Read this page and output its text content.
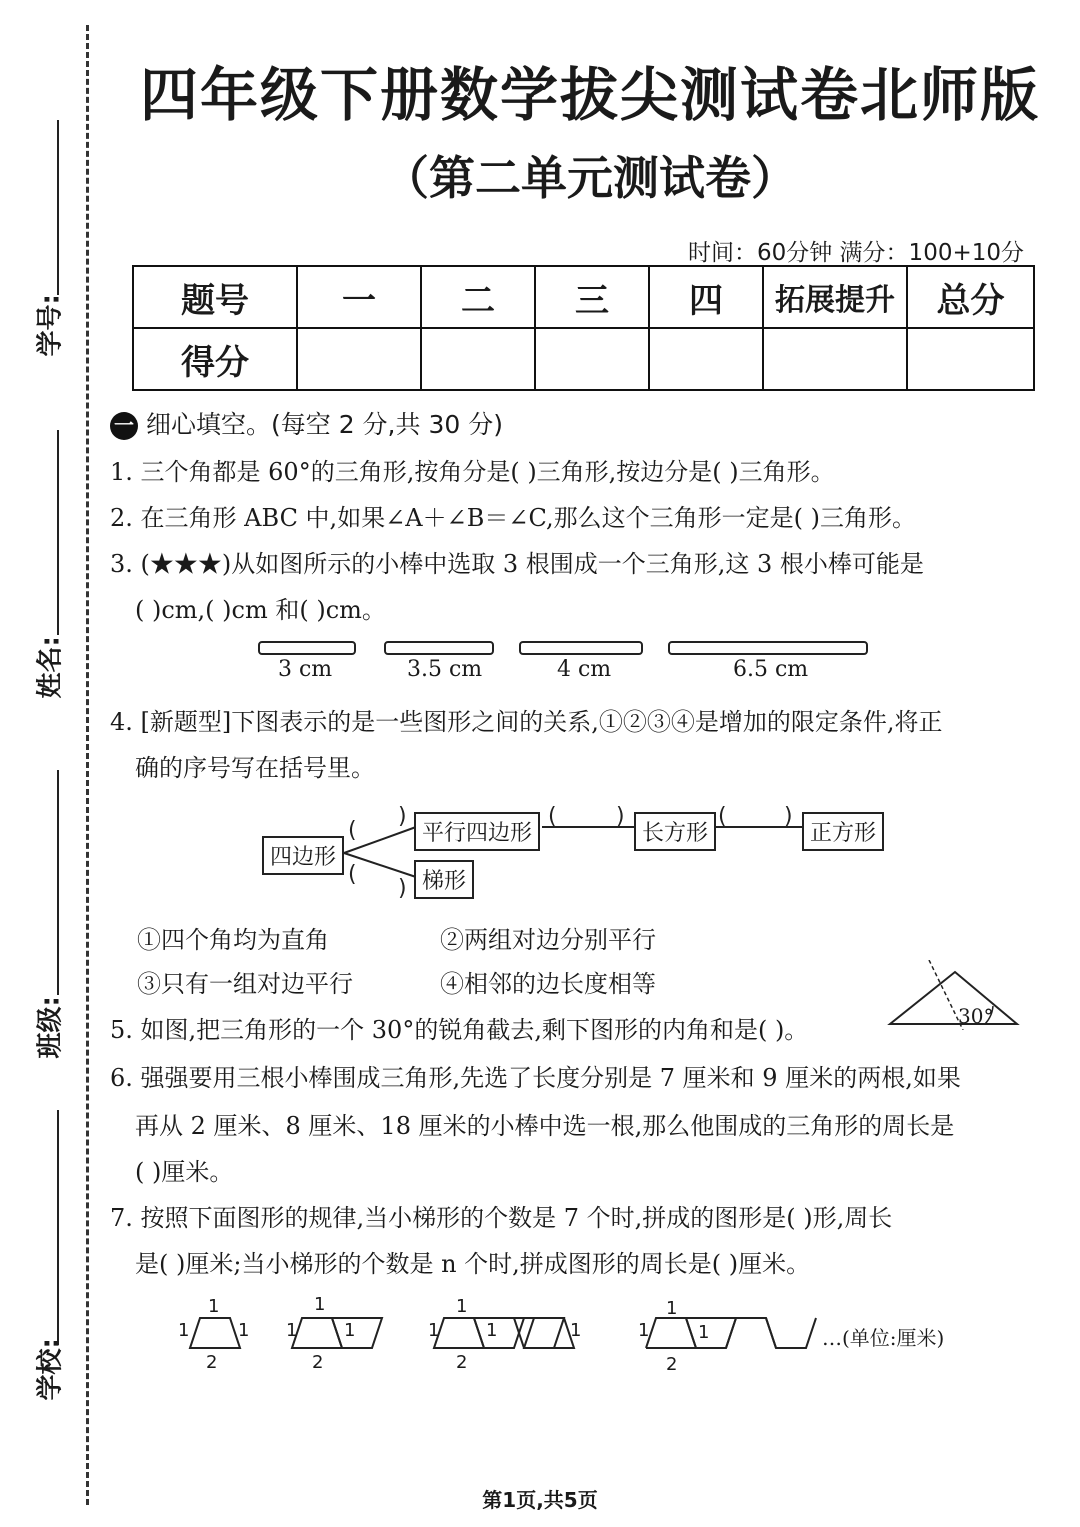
学号:
姓名:
班级:
学校:
四年级下册数学拔尖测试卷北师版
（第二单元测试卷）
时间：60分钟 满分：100+10分
题号	一	二	三	四	拓展提升	总分
得分						
一 细心填空。(每空 2 分,共 30 分)
1. 三个角都是 60°的三角形,按角分是( )三角形,按边分是( )三角形。
2. 在三角形 ABC 中,如果∠A＋∠B＝∠C,那么这个三角形一定是( )三角形。
3. (★★★)从如图所示的小棒中选取 3 根围成一个三角形,这 3 根小棒可能是
( )cm,( )cm 和( )cm。
3 cm	3.5 cm	4 cm	6.5 cm
4. [新题型]下图表示的是一些图形之间的关系,①②③④是增加的限定条件,将正
确的序号写在括号里。
(
)
(
)
(	)	(	)
四边形
平行四边形	长方形	正方形
梯形
①四个角均为直角	②两组对边分别平行
③只有一组对边平行	④相邻的边长度相等
5. 如图,把三角形的一个 30°的锐角截去,剩下图形的内角和是( )。	30°
6. 强强要用三根小棒围成三角形,先选了长度分别是 7 厘米和 9 厘米的两根,如果
再从 2 厘米、8 厘米、18 厘米的小棒中选一根,那么他围成的三角形的周长是
( )厘米。
7. 按照下面图形的规律,当小梯形的个数是 7 个时,拼成的图形是( )形,周长
是( )厘米;当小梯形的个数是 n 个时,拼成图形的周长是( )厘米。
1
1	1
2
1
1	1
2
1
1	1	1
2
1
1	1
2
…(单位:厘米)
第1页,共5页
